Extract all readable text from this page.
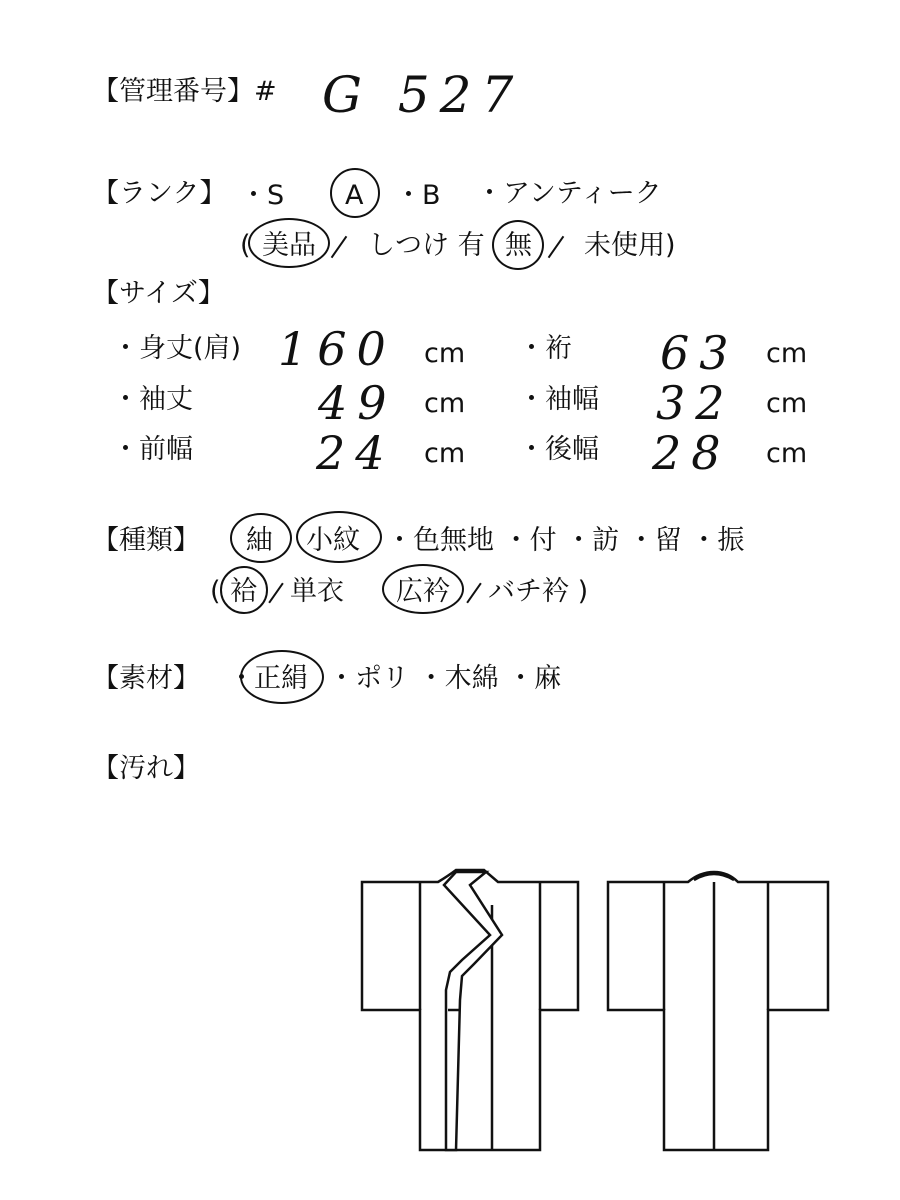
【管理番号】# G 527
【ランク】 ・S A ・B ・アンティーク
( 美品 しつけ 有 無 未使用)
【サイズ】
・身丈(肩) 160 cm ・裄 63 cm
・袖丈	49 cm ・袖幅 32 cm
・前幅	24 cm ・後幅 28 cm
【種類】 紬 小紋 ・色無地 ・付 ・訪 ・留 ・振
( 袷 単衣 広衿 バチ衿 )
【素材】 ・ 正絹 ・ポリ ・木綿 ・麻
【汚れ】
